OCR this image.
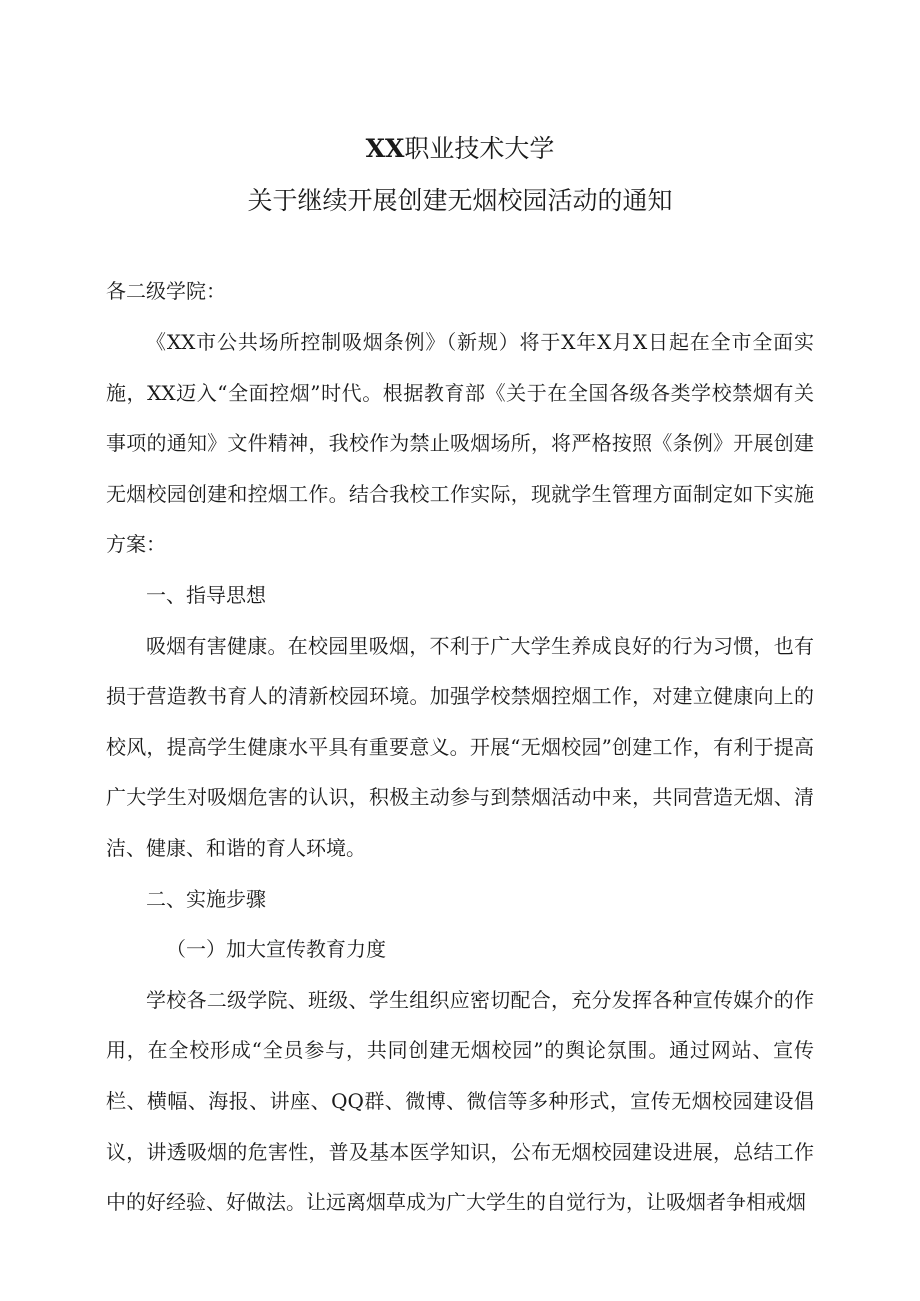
XX职业技术大学
关于继续开展创建无烟校园活动的通知

各二级学院：

《XX市公共场所控制吸烟条例》（新规）将于X年X月X日起在全市全面实施，XX迈入“全面控烟”时代。根据教育部《关于在全国各级各类学校禁烟有关事项的通知》文件精神，我校作为禁止吸烟场所，将严格按照《条例》开展创建无烟校园创建和控烟工作。结合我校工作实际，现就学生管理方面制定如下实施方案：

一、指导思想

吸烟有害健康。在校园里吸烟，不利于广大学生养成良好的行为习惯，也有损于营造教书育人的清新校园环境。加强学校禁烟控烟工作，对建立健康向上的校风，提高学生健康水平具有重要意义。开展“无烟校园”创建工作，有利于提高广大学生对吸烟危害的认识，积极主动参与到禁烟活动中来，共同营造无烟、清洁、健康、和谐的育人环境。

二、实施步骤

（一）加大宣传教育力度

学校各二级学院、班级、学生组织应密切配合，充分发挥各种宣传媒介的作用，在全校形成“全员参与，共同创建无烟校园”的舆论氛围。通过网站、宣传栏、横幅、海报、讲座、QQ群、微博、微信等多种形式，宣传无烟校园建设倡议，讲透吸烟的危害性，普及基本医学知识，公布无烟校园建设进展，总结工作中的好经验、好做法。让远离烟草成为广大学生的自觉行为，让吸烟者争相戒烟
